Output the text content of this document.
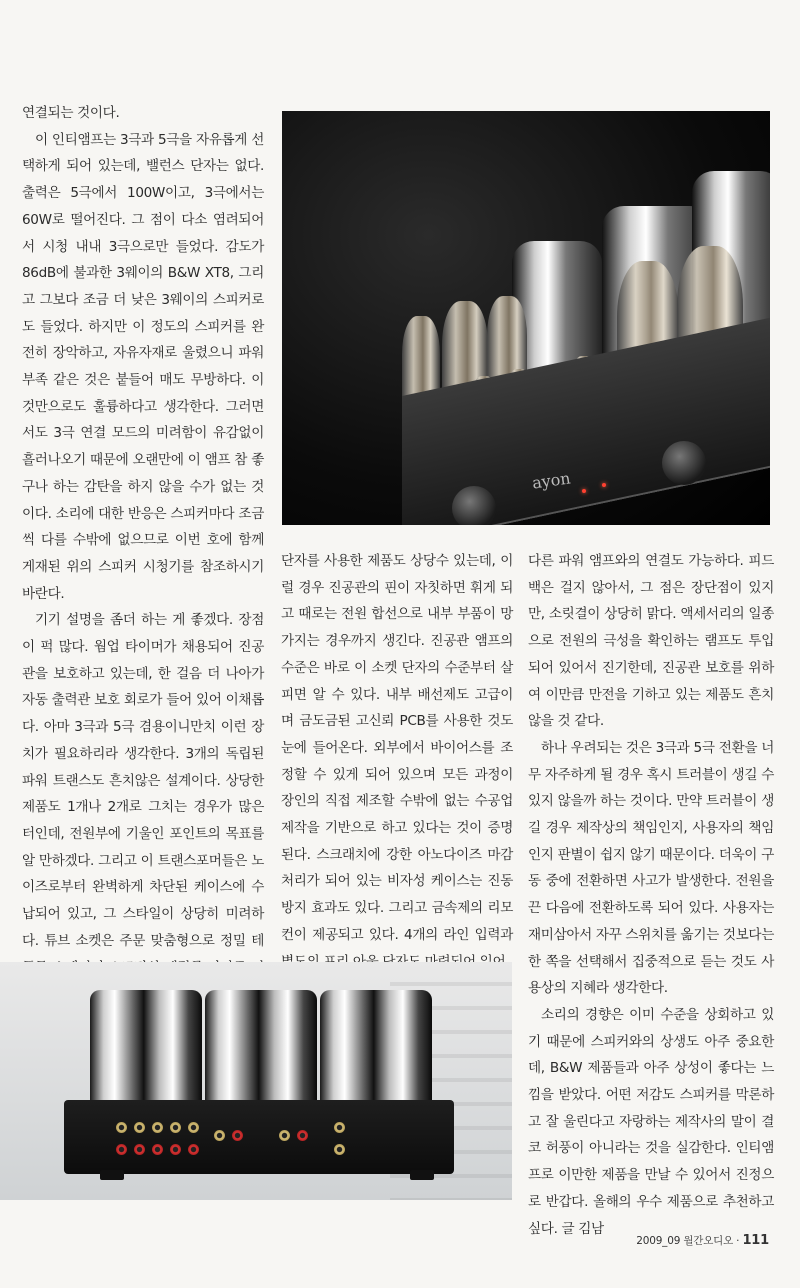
연결되는 것이다.

이 인티앰프는 3극과 5극을 자유롭게 선택하게 되어 있는데, 밸런스 단자는 없다. 출력은 5극에서 100W이고, 3극에서는 60W로 떨어진다. 그 점이 다소 염려되어서 시청 내내 3극으로만 들었다. 감도가 86dB에 불과한 3웨이의 B&W XT8, 그리고 그보다 조금 더 낮은 3웨이의 스피커로도 들었다. 하지만 이 정도의 스피커를 완전히 장악하고, 자유자재로 울렸으니 파워 부족 같은 것은 붙들어 매도 무방하다. 이것만으로도 훌륭하다고 생각한다. 그러면서도 3극 연결 모드의 미려함이 유감없이 흘러나오기 때문에 오랜만에 이 앰프 참 좋구나 하는 감탄을 하지 않을 수가 없는 것이다. 소리에 대한 반응은 스피커마다 조금씩 다를 수밖에 없으므로 이번 호에 함께 게재된 위의 스피커 시청기를 참조하시기 바란다.

기기 설명을 좀더 하는 게 좋겠다. 장점이 퍽 많다. 웜업 타이머가 채용되어 진공관을 보호하고 있는데, 한 걸음 더 나아가 자동 출력관 보호 회로가 들어 있어 이채롭다. 아마 3극과 5극 겸용이니만치 이런 장치가 필요하리라 생각한다. 3개의 독립된 파워 트랜스도 흔치않은 설계이다. 상당한 제품도 1개나 2개로 그치는 경우가 많은 터인데, 전원부에 기울인 포인트의 목표를 알 만하겠다. 그리고 이 트랜스포머들은 노이즈로부터 완벽하게 차단된 케이스에 수납되어 있고, 그 스타일이 상당히 미려하다. 튜브 소켓은 주문 맞춤형으로 정밀 테

ayon

단자를 사용한 제품도 상당수 있는데, 이럴 경우 진공관의 핀이 자칫하면 휘게 되고 때로는 전원 합선으로 내부 부품이 망가지는 경우까지 생긴다. 진공관 앰프의 수준은 바로 이 소켓 단자의 수준부터 살피면 알 수 있다. 내부 배선제도 고급이며 금도금된 고신뢰 PCB를 사용한 것도 눈에 들어온다. 외부에서 바이어스를 조정할 수 있게 되어 있으며 모든 과정이 장인의 직접 제조할 수밖에 없는 수공업 제작을 기반으로 하고 있다는 것이 증명된다. 스크래치에 강한 아노다이즈 마감 처리가 되어 있는 비자성 케이스는 진동 방지 효과도 있다. 그리고 금속제의 리모컨이 제공되고 있다. 4개의 라인 입력과

다른 파워 앰프와의 연결도 가능하다. 피드백은 걸지 않아서, 그 점은 장단점이 있지만, 소릿결이 상당히 맑다. 액세서리의 일종으로 전원의 극성을 확인하는 램프도 투입되어 있어서 진기한데, 진공관 보호를 위하여 이만큼 만전을 기하고 있는 제품도 흔치 않을 것 같다.

하나 우려되는 것은 3극과 5극 전환을 너무 자주하게 될 경우 혹시 트러블이 생길 수 있지 않을까 하는 것이다. 만약 트러블이 생길 경우 제작상의 책임인지, 사용자의 책임인지 판별이 쉽지 않기 때문이다. 더욱이 구동 중에 전환하면 사고가 발생한다. 전원을 끈 다음에 전환하도록 되어 있다. 사용자는 재미삼아서 자꾸 스위치를 옮기는 것보다는 한 쪽을 선택해서 집중적으로 듣는 것도 사용상의 지혜라 생각한다.

소리의 경향은 이미 수준을 상회하고 있기 때문에 스피커와의 상생도 아주 중요한데, B&W 제품들과 아주 상성이 좋다는 느낌을 받았다. 어떤 저감도 스피커를 막론하고 잘 울린다고 자랑하는 제작사의 말이 결코 허풍이 아니라는 것을 실감한다. 인티앰프로 이만한 제품을 만날 수 있어서 진정으로 반갑다. 올해의 우수 제품으로 추천하고 싶다. 글 김남

2009_09 월간오디오 · 111
